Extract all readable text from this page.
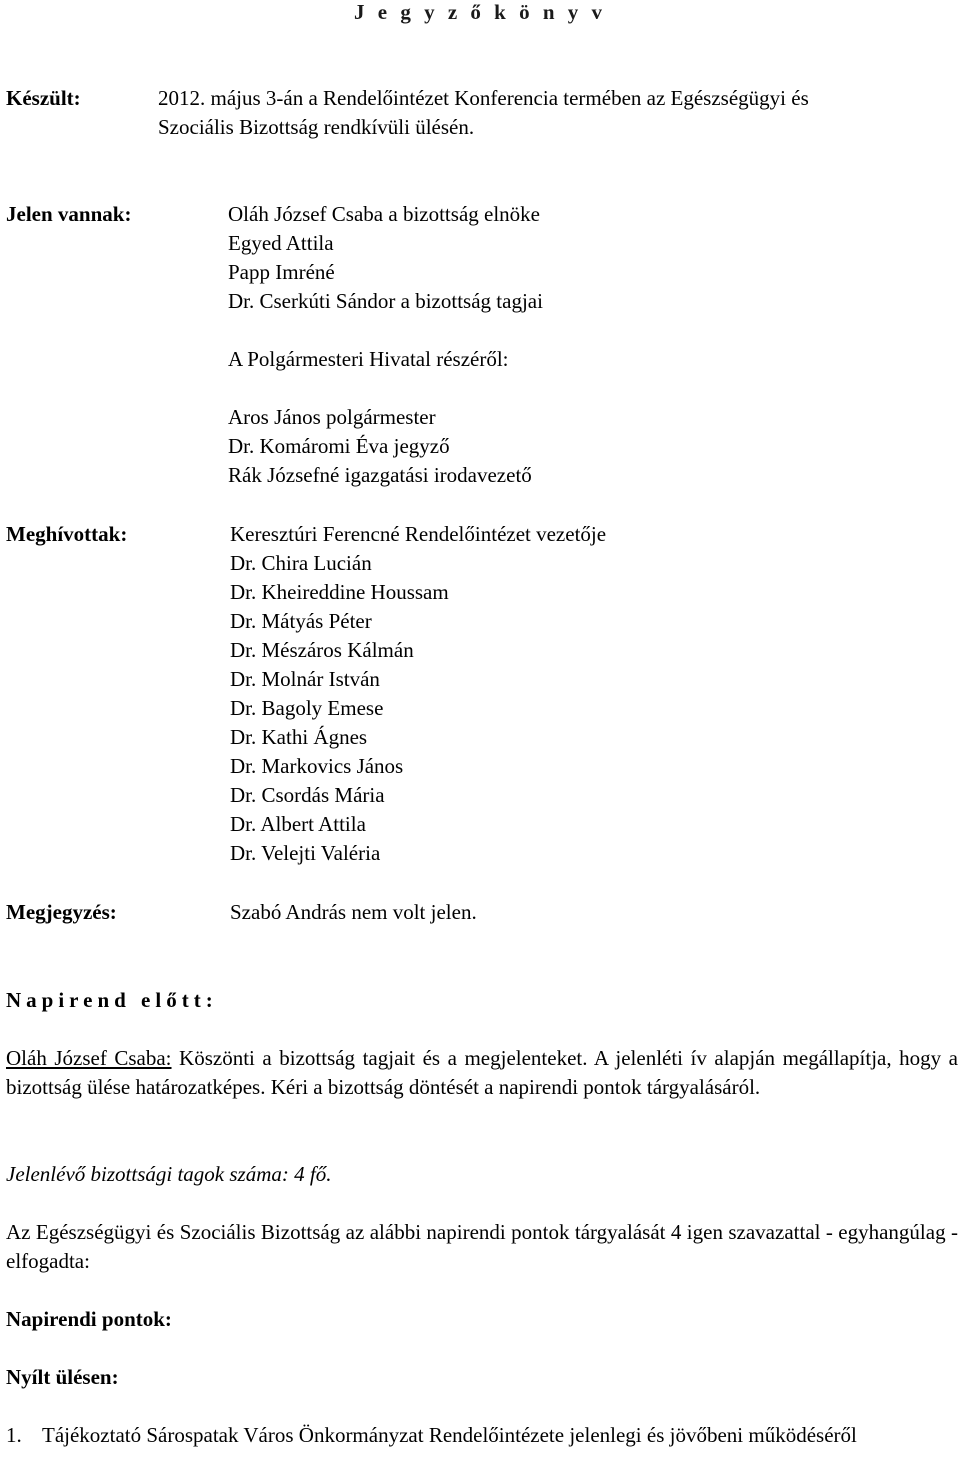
J e g y z ő k ö n y v
Készült:	2012. május 3-án a Rendelőintézet Konferencia termében az Egészségügyi és
Szociális Bizottság rendkívüli ülésén.
Jelen vannak:	Oláh József Csaba a bizottság elnöke
Egyed Attila
Papp Imréné
Dr. Cserkúti Sándor a bizottság tagjai
A Polgármesteri Hivatal részéről:
Aros János polgármester
Dr. Komáromi Éva jegyző
Rák Józsefné igazgatási irodavezető
Meghívottak:	Keresztúri Ferencné Rendelőintézet vezetője
Dr. Chira Lucián
Dr. Kheireddine Houssam
Dr. Mátyás Péter
Dr. Mészáros Kálmán
Dr. Molnár István
Dr. Bagoly Emese
Dr. Kathi Ágnes
Dr. Markovics János
Dr. Csordás Mária
Dr. Albert Attila
Dr. Velejti Valéria
Megjegyzés:	Szabó András nem volt jelen.
Napirend előtt:
Oláh József Csaba: Köszönti a bizottság tagjait és a megjelenteket. A jelenléti ív alapján megállapítja, hogy a bizottság ülése határozatképes. Kéri a bizottság döntését a napirendi pontok tárgyalásáról.
Jelenlévő bizottsági tagok száma: 4 fő.
Az Egészségügyi és Szociális Bizottság az alábbi napirendi pontok tárgyalását 4 igen szavazattal - egyhangúlag - elfogadta:
Napirendi pontok:
Nyílt ülésen:
1. Tájékoztató Sárospatak Város Önkormányzat Rendelőintézete jelenlegi és jövőbeni működéséről
